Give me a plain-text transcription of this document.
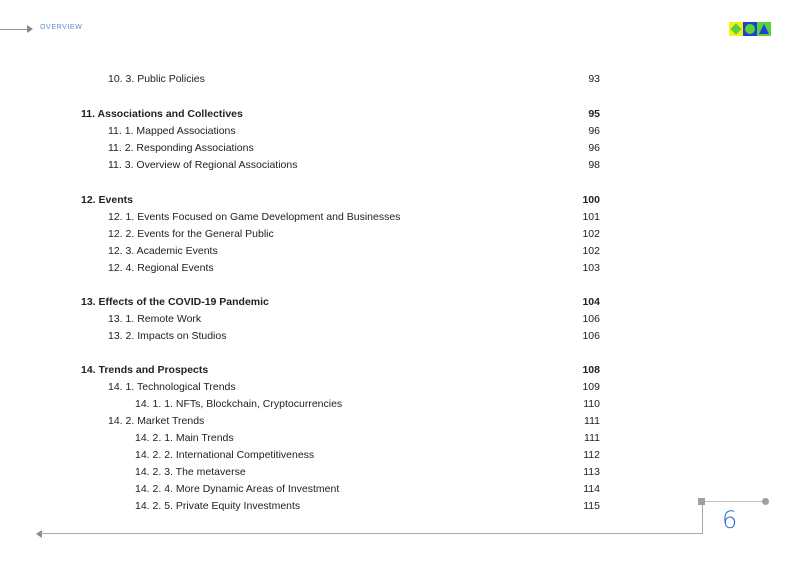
OVERVIEW
10. 3. Public Policies	93
11. Associations and Collectives	95
11. 1. Mapped Associations	96
11. 2. Responding Associations	96
11. 3. Overview of Regional Associations	98
12. Events	100
12. 1. Events Focused on Game Development and Businesses	101
12. 2. Events for the General Public	102
12. 3. Academic Events	102
12. 4. Regional Events	103
13. Effects of the COVID-19 Pandemic	104
13. 1. Remote Work	106
13. 2. Impacts on Studios	106
14. Trends and Prospects	108
14. 1. Technological Trends	109
14. 1. 1. NFTs, Blockchain, Cryptocurrencies	110
14. 2. Market Trends	111
14. 2. 1. Main Trends	111
14. 2. 2. International Competitiveness	112
14. 2. 3. The metaverse	113
14. 2. 4. More Dynamic Areas of Investment	114
14. 2. 5. Private Equity Investments	115	6
